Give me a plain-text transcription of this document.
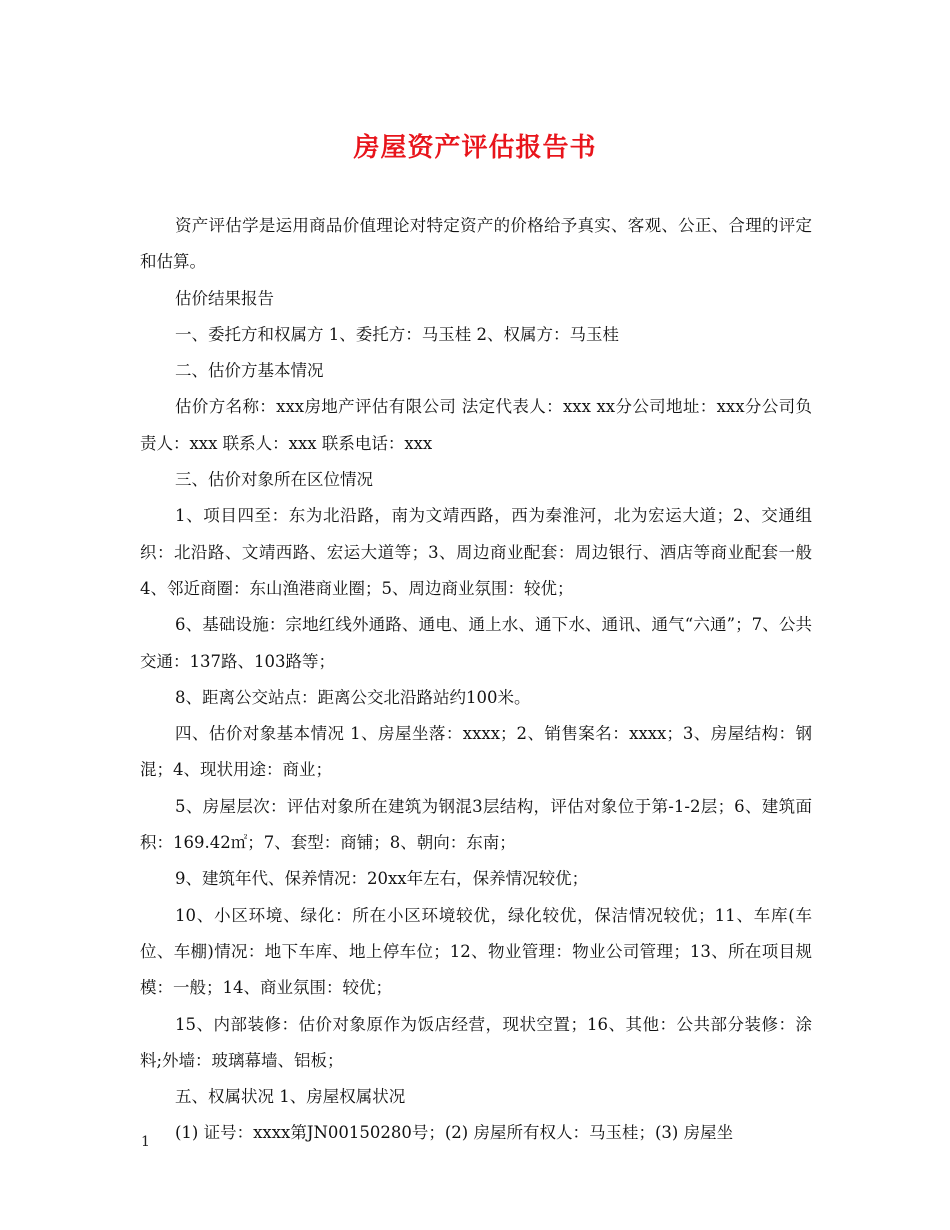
房屋资产评估报告书

资产评估学是运用商品价值理论对特定资产的价格给予真实、客观、公正、合理的评定和估算。

估价结果报告

一、委托方和权属方 1、委托方：马玉桂 2、权属方：马玉桂

二、估价方基本情况

估价方名称：xxx房地产评估有限公司 法定代表人：xxx xx分公司地址：xxx分公司负责人：xxx 联系人：xxx 联系电话：xxx

三、估价对象所在区位情况

1、项目四至：东为北沿路，南为文靖西路，西为秦淮河，北为宏运大道；2、交通组织：北沿路、文靖西路、宏运大道等；3、周边商业配套：周边银行、酒店等商业配套一般 4、邻近商圈：东山渔港商业圈；5、周边商业氛围：较优；

6、基础设施：宗地红线外通路、通电、通上水、通下水、通讯、通气“六通”；7、公共交通：137路、103路等；

8、距离公交站点：距离公交北沿路站约100米。

四、估价对象基本情况 1、房屋坐落：xxxx；2、销售案名：xxxx；3、房屋结构：钢混；4、现状用途：商业；

5、房屋层次：评估对象所在建筑为钢混3层结构，评估对象位于第-1-2层；6、建筑面积：169.42㎡；7、套型：商铺；8、朝向：东南；

9、建筑年代、保养情况：20xx年左右，保养情况较优；

10、小区环境、绿化：所在小区环境较优，绿化较优，保洁情况较优；11、车库(车位、车棚)情况：地下车库、地上停车位；12、物业管理：物业公司管理；13、所在项目规模：一般；14、商业氛围：较优；

15、内部装修：估价对象原作为饭店经营，现状空置；16、其他：公共部分装修：涂料;外墙：玻璃幕墙、铝板；

五、权属状况 1、房屋权属状况

(1) 证号：xxxx第JN00150280号；(2) 房屋所有权人：马玉桂；(3) 房屋坐

1
